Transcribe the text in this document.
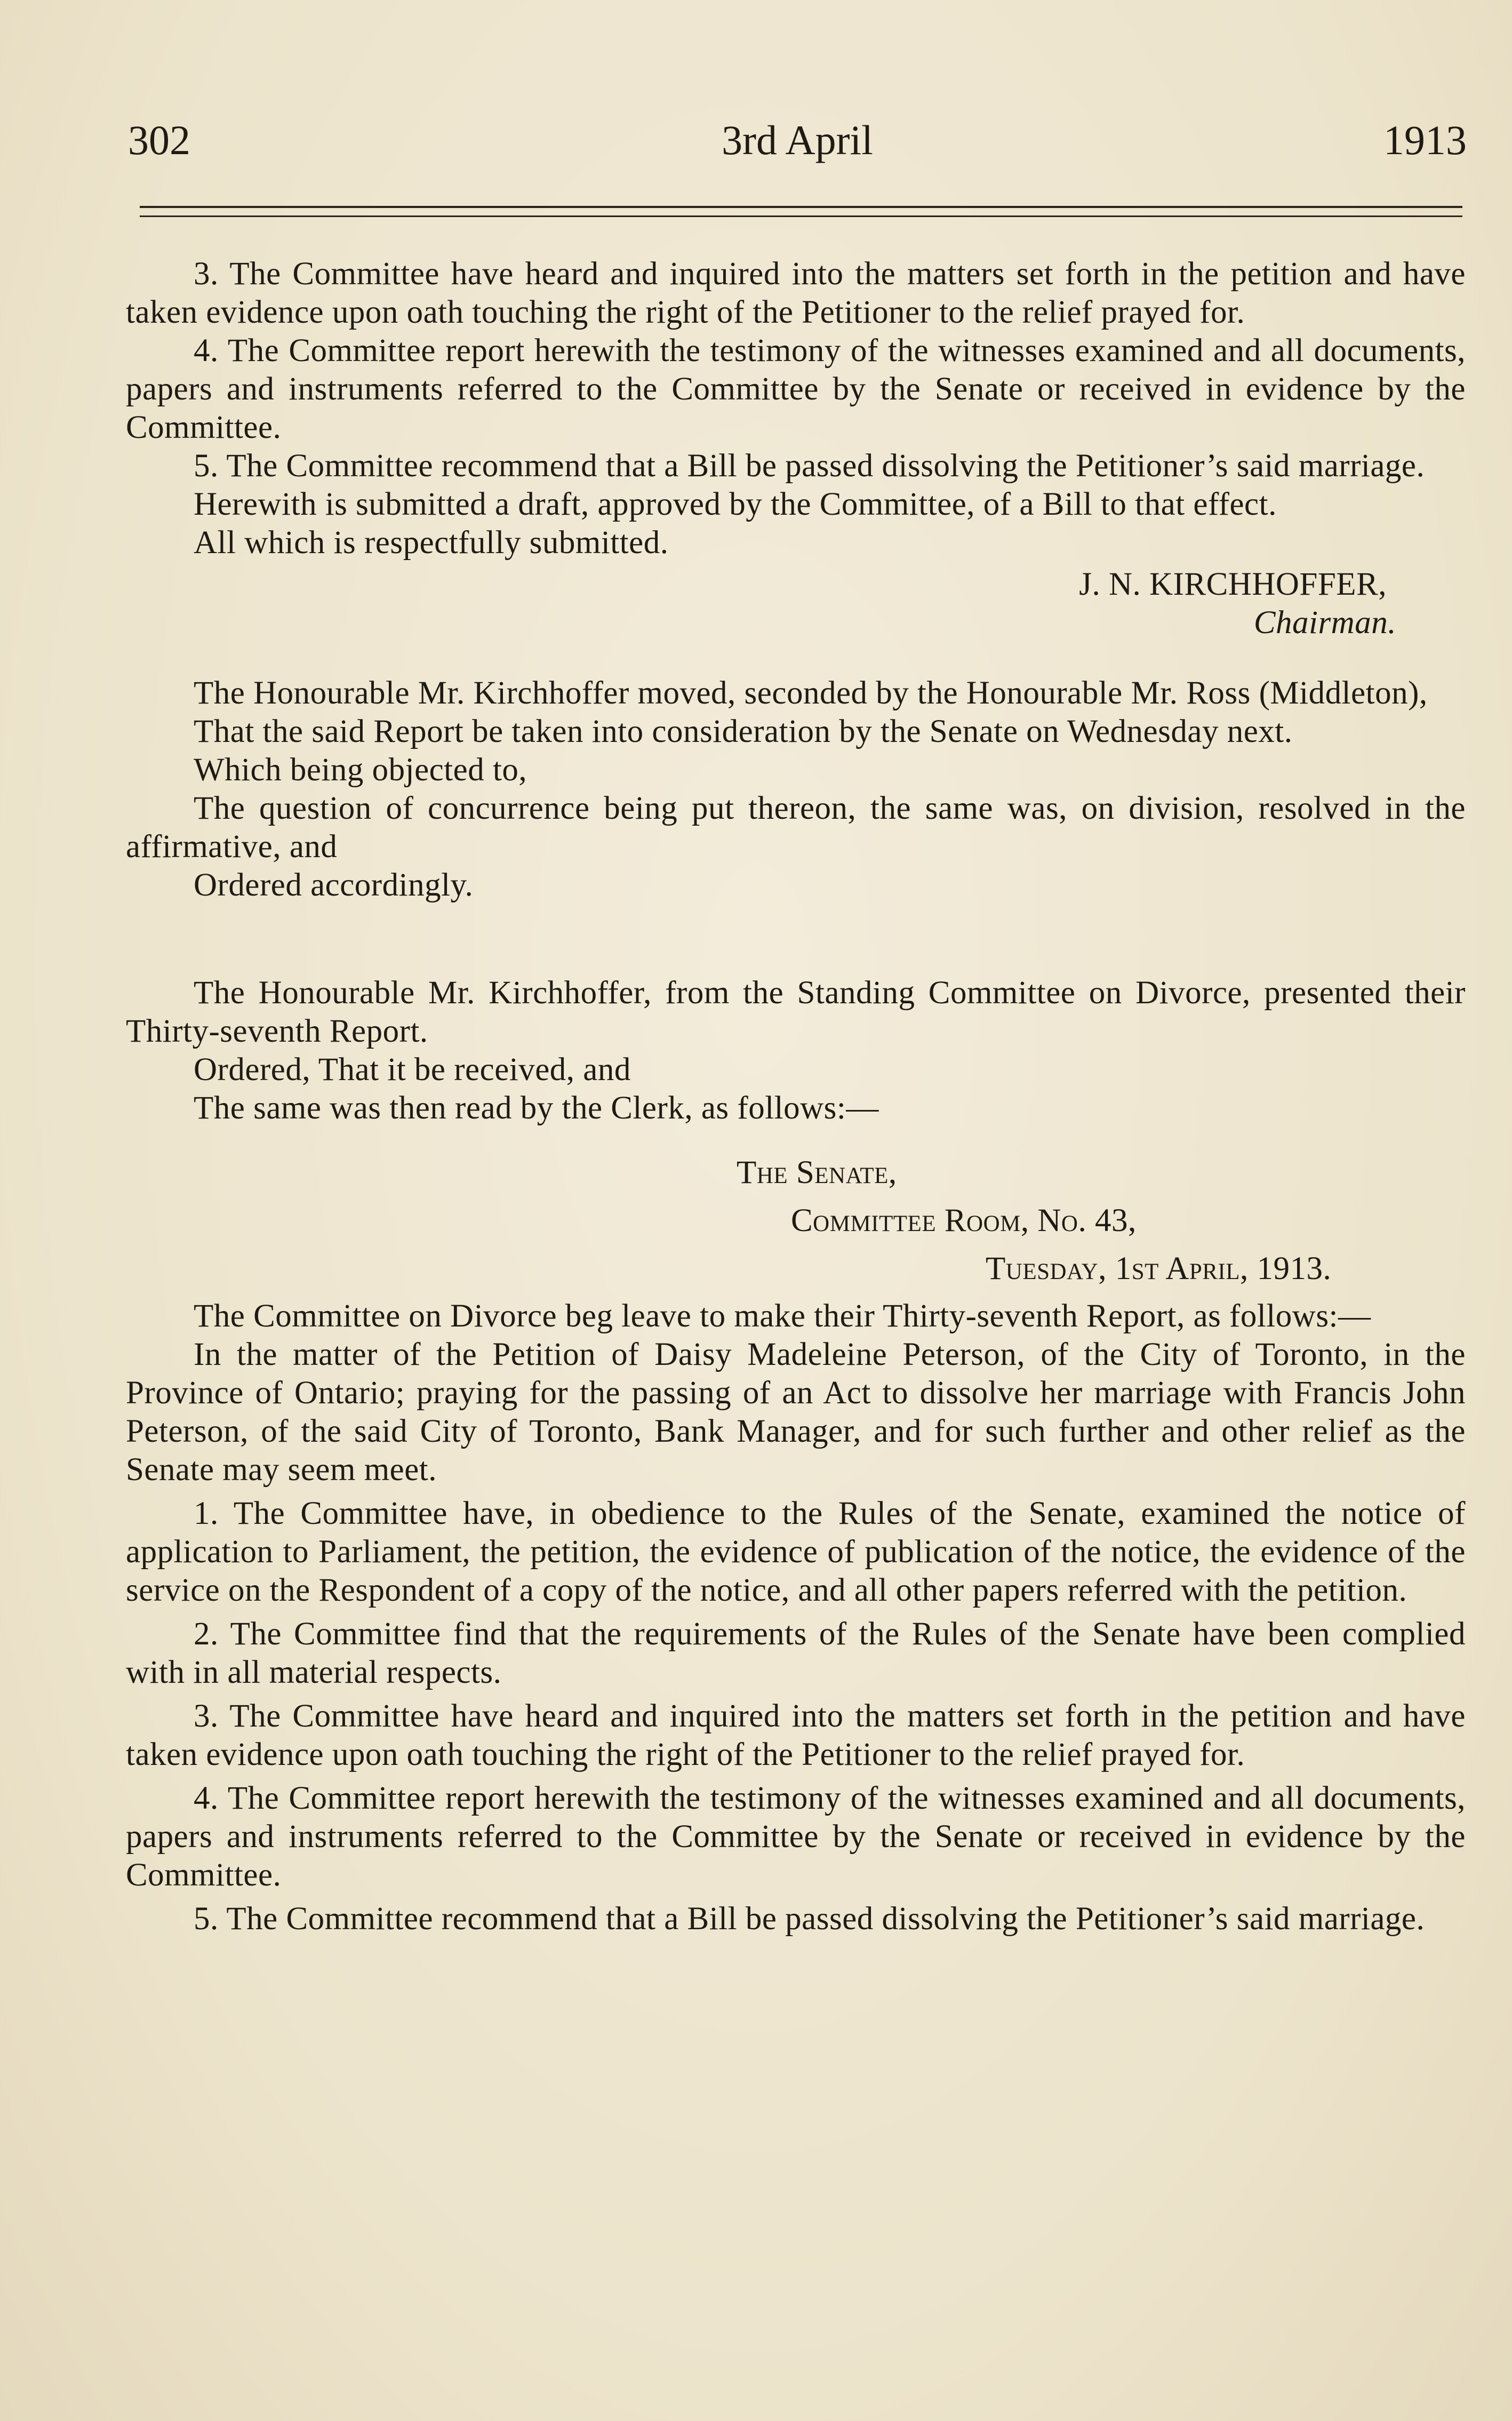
302	3rd April	1913

3. The Committee have heard and inquired into the matters set forth in the petition and have taken evidence upon oath touching the right of the Petitioner to the relief prayed for.

4. The Committee report herewith the testimony of the witnesses examined and all documents, papers and instruments referred to the Committee by the Senate or received in evidence by the Committee.

5. The Committee recommend that a Bill be passed dissolving the Petitioner’s said marriage.

Herewith is submitted a draft, approved by the Committee, of a Bill to that effect.

All which is respectfully submitted.

J. N. KIRCHHOFFER,

Chairman.

The Honourable Mr. Kirchhoffer moved, seconded by the Honourable Mr. Ross (Middleton),

That the said Report be taken into consideration by the Senate on Wednesday next.

Which being objected to,

The question of concurrence being put thereon, the same was, on division, resolved in the affirmative, and

Ordered accordingly.

The Honourable Mr. Kirchhoffer, from the Standing Committee on Divorce, presented their Thirty-seventh Report.

Ordered, That it be received, and

The same was then read by the Clerk, as follows:—

The Senate,

Committee Room, No. 43,

Tuesday, 1st April, 1913.

The Committee on Divorce beg leave to make their Thirty-seventh Report, as follows:—

In the matter of the Petition of Daisy Madeleine Peterson, of the City of Toronto, in the Province of Ontario; praying for the passing of an Act to dissolve her marriage with Francis John Peterson, of the said City of Toronto, Bank Manager, and for such further and other relief as the Senate may seem meet.

1. The Committee have, in obedience to the Rules of the Senate, examined the notice of application to Parliament, the petition, the evidence of publication of the notice, the evidence of the service on the Respondent of a copy of the notice, and all other papers referred with the petition.

2. The Committee find that the requirements of the Rules of the Senate have been complied with in all material respects.

3. The Committee have heard and inquired into the matters set forth in the petition and have taken evidence upon oath touching the right of the Petitioner to the relief prayed for.

4. The Committee report herewith the testimony of the witnesses examined and all documents, papers and instruments referred to the Committee by the Senate or received in evidence by the Committee.

5. The Committee recommend that a Bill be passed dissolving the Petitioner’s said marriage.
